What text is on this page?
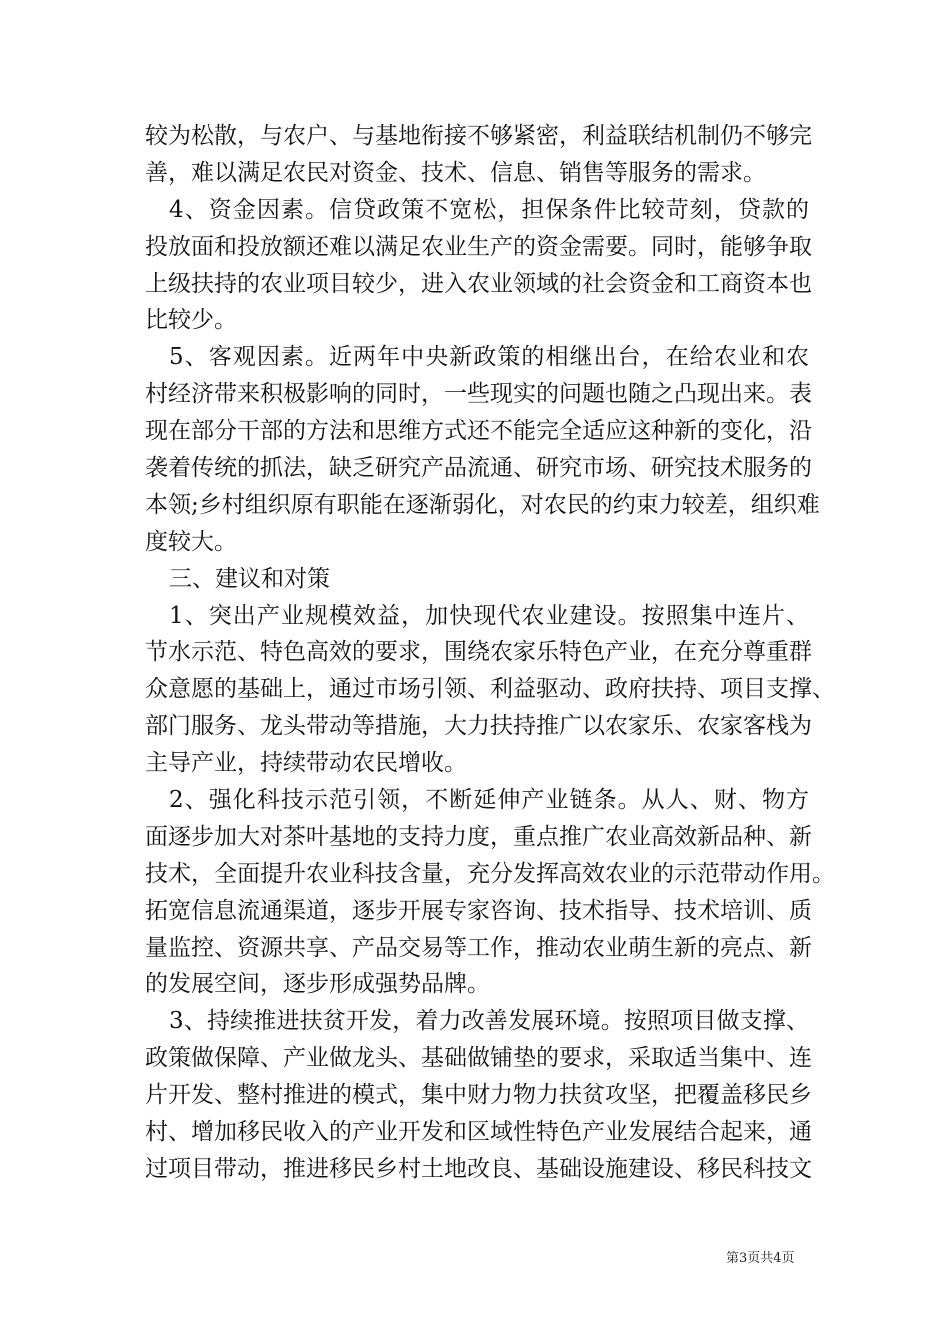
较为松散，与农户、与基地衔接不够紧密，利益联结机制仍不够完
善，难以满足农民对资金、技术、信息、销售等服务的需求。
4、资金因素。信贷政策不宽松，担保条件比较苛刻，贷款的
投放面和投放额还难以满足农业生产的资金需要。同时，能够争取
上级扶持的农业项目较少，进入农业领域的社会资金和工商资本也
比较少。
5、客观因素。近两年中央新政策的相继出台，在给农业和农
村经济带来积极影响的同时，一些现实的问题也随之凸现出来。表
现在部分干部的方法和思维方式还不能完全适应这种新的变化，沿
袭着传统的抓法，缺乏研究产品流通、研究市场、研究技术服务的
本领;乡村组织原有职能在逐渐弱化，对农民的约束力较差，组织难
度较大。
三、建议和对策
1、突出产业规模效益，加快现代农业建设。按照集中连片、
节水示范、特色高效的要求，围绕农家乐特色产业，在充分尊重群
众意愿的基础上，通过市场引领、利益驱动、政府扶持、项目支撑、
部门服务、龙头带动等措施，大力扶持推广以农家乐、农家客栈为
主导产业，持续带动农民增收。
2、强化科技示范引领，不断延伸产业链条。从人、财、物方
面逐步加大对茶叶基地的支持力度，重点推广农业高效新品种、新
技术，全面提升农业科技含量，充分发挥高效农业的示范带动作用。
拓宽信息流通渠道，逐步开展专家咨询、技术指导、技术培训、质
量监控、资源共享、产品交易等工作，推动农业萌生新的亮点、新
的发展空间，逐步形成强势品牌。
3、持续推进扶贫开发，着力改善发展环境。按照项目做支撑、
政策做保障、产业做龙头、基础做铺垫的要求，采取适当集中、连
片开发、整村推进的模式，集中财力物力扶贫攻坚，把覆盖移民乡
村、增加移民收入的产业开发和区域性特色产业发展结合起来，通
过项目带动，推进移民乡村土地改良、基础设施建设、移民科技文
第3页共4页
